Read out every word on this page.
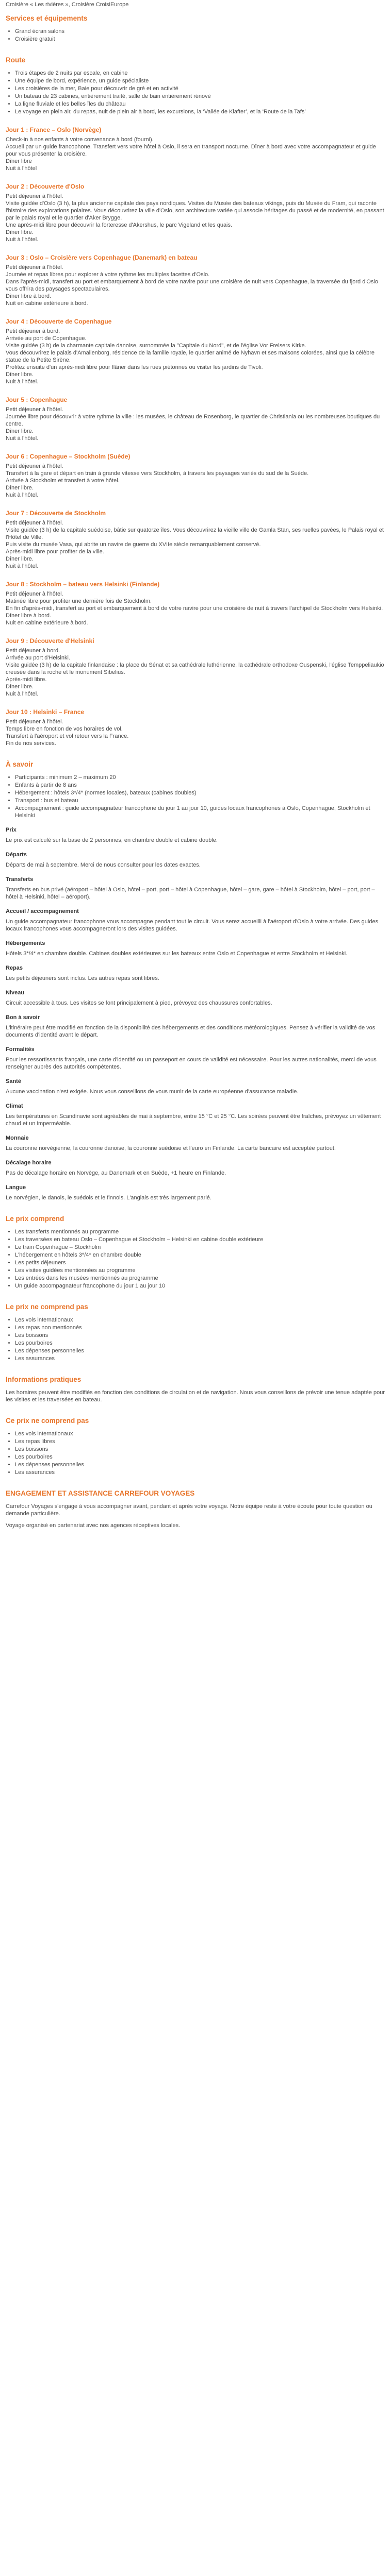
Croisière « Les rivières », Croisière CroisiEurope
Services et équipements
• Grand écran salons
• Croisière gratuit
Route
• Trois étapes de 2 nuits par escale, en cabine
• Une équipe de bord, expérience, un guide spécialiste
• Les croisières de la mer, Baie pour découvrir de gré et en activité
• Un bateau de 23 cabines, entièrement traité, salle de bain entièrement rénové
• La ligne fluviale et les belles îles du château
• Le voyage en plein air, du repas, nuit de plein air à bord, les excursions, la ‘Vallée de Klafter’, et la ‘Route de la Tafs’
Jour 1 : France – Oslo (Norvège)

Check-in à nos enfants à votre convenance à bord (fourni).
Accueil par un guide francophone. Transfert vers votre hôtel à Oslo, il sera en transport nocturne. Dîner à bord avec votre accompagnateur et guide pour vous présenter la croisière.
Dîner libre
Nuit à l'hôtel

Jour 2 : Découverte d'Oslo

Petit déjeuner à l'hôtel.
Visite guidée d'Oslo (3 h), la plus ancienne capitale des pays nordiques. Visites du Musée des bateaux vikings, puis du Musée du Fram, qui raconte l'histoire des explorations polaires. Vous découvrirez la ville d'Oslo, son architecture variée qui associe héritages du passé et de modernité, en passant par le palais royal et le quartier d'Aker Brygge.
Une après-midi libre pour découvrir la forteresse d'Akershus, le parc Vigeland et les quais.
Dîner libre.
Nuit à l'hôtel.

Jour 3 : Oslo – Croisière vers Copenhague (Danemark) en bateau

Petit déjeuner à l'hôtel.
Journée et repas libres pour explorer à votre rythme les multiples facettes d'Oslo.
Dans l'après-midi, transfert au port et embarquement à bord de votre navire pour une croisière de nuit vers Copenhague, la traversée du fjord d'Oslo vous offrira des paysages spectaculaires.
Dîner libre à bord.
Nuit en cabine extérieure à bord.

Jour 4 : Découverte de Copenhague

Petit déjeuner à bord.
Arrivée au port de Copenhague.
Visite guidée (3 h) de la charmante capitale danoise, surnommée la "Capitale du Nord", et de l'église Vor Frelsers Kirke.
Vous découvrirez le palais d'Amalienborg, résidence de la famille royale, le quartier animé de Nyhavn et ses maisons colorées, ainsi que la célèbre statue de la Petite Sirène.
Profitez ensuite d'un après-midi libre pour flâner dans les rues piétonnes ou visiter les jardins de Tivoli.
Dîner libre.
Nuit à l'hôtel.

Jour 5 : Copenhague

Petit déjeuner à l'hôtel.
Journée libre pour découvrir à votre rythme la ville : les musées, le château de Rosenborg, le quartier de Christiania ou les nombreuses boutiques du centre.
Dîner libre.
Nuit à l'hôtel.

Jour 6 : Copenhague – Stockholm (Suède)

Petit déjeuner à l'hôtel.
Transfert à la gare et départ en train à grande vitesse vers Stockholm, à travers les paysages variés du sud de la Suède.
Arrivée à Stockholm et transfert à votre hôtel.
Dîner libre.
Nuit à l'hôtel.

Jour 7 : Découverte de Stockholm

Petit déjeuner à l'hôtel.
Visite guidée (3 h) de la capitale suédoise, bâtie sur quatorze îles. Vous découvrirez la vieille ville de Gamla Stan, ses ruelles pavées, le Palais royal et l'Hôtel de Ville.
Puis visite du musée Vasa, qui abrite un navire de guerre du XVIIe siècle remarquablement conservé.
Après-midi libre pour profiter de la ville.
Dîner libre.
Nuit à l'hôtel.

Jour 8 : Stockholm – bateau vers Helsinki (Finlande)

Petit déjeuner à l'hôtel.
Matinée libre pour profiter une dernière fois de Stockholm.
En fin d'après-midi, transfert au port et embarquement à bord de votre navire pour une croisière de nuit à travers l'archipel de Stockholm vers Helsinki.
Dîner libre à bord.
Nuit en cabine extérieure à bord.

Jour 9 : Découverte d'Helsinki

Petit déjeuner à bord.
Arrivée au port d'Helsinki.
Visite guidée (3 h) de la capitale finlandaise : la place du Sénat et sa cathédrale luthérienne, la cathédrale orthodoxe Ouspenski, l'église Temppeliaukio creusée dans la roche et le monument Sibelius.
Après-midi libre.
Dîner libre.
Nuit à l'hôtel.

Jour 10 : Helsinki – France

Petit déjeuner à l'hôtel.
Temps libre en fonction de vos horaires de vol.
Transfert à l'aéroport et vol retour vers la France.
Fin de nos services.

À savoir
• Participants : minimum 2 – maximum 20
• Enfants à partir de 8 ans
• Hébergement : hôtels 3*/4* (normes locales), bateaux (cabines doubles)
• Transport : bus et bateau
• Accompagnement : guide accompagnateur francophone du jour 1 au jour 10, guides locaux francophones à Oslo, Copenhague, Stockholm et Helsinki
Prix

Le prix est calculé sur la base de 2 personnes, en chambre double et cabine double.

Départs

Départs de mai à septembre. Merci de nous consulter pour les dates exactes.

Transferts

Transferts en bus privé (aéroport – hôtel à Oslo, hôtel – port, port – hôtel à Copenhague, hôtel – gare, gare – hôtel à Stockholm, hôtel – port, port – hôtel à Helsinki, hôtel – aéroport).

Accueil / accompagnement

Un guide accompagnateur francophone vous accompagne pendant tout le circuit. Vous serez accueilli à l'aéroport d'Oslo à votre arrivée. Des guides locaux francophones vous accompagneront lors des visites guidées.

Hébergements

Hôtels 3*/4* en chambre double. Cabines doubles extérieures sur les bateaux entre Oslo et Copenhague et entre Stockholm et Helsinki.

Repas

Les petits déjeuners sont inclus. Les autres repas sont libres.

Niveau

Circuit accessible à tous. Les visites se font principalement à pied, prévoyez des chaussures confortables.

Bon à savoir

L'itinéraire peut être modifié en fonction de la disponibilité des hébergements et des conditions météorologiques. Pensez à vérifier la validité de vos documents d'identité avant le départ.

Formalités

Pour les ressortissants français, une carte d'identité ou un passeport en cours de validité est nécessaire. Pour les autres nationalités, merci de vous renseigner auprès des autorités compétentes.

Santé

Aucune vaccination n'est exigée. Nous vous conseillons de vous munir de la carte européenne d'assurance maladie.

Climat

Les températures en Scandinavie sont agréables de mai à septembre, entre 15 °C et 25 °C. Les soirées peuvent être fraîches, prévoyez un vêtement chaud et un imperméable.

Monnaie

La couronne norvégienne, la couronne danoise, la couronne suédoise et l'euro en Finlande. La carte bancaire est acceptée partout.

Décalage horaire

Pas de décalage horaire en Norvège, au Danemark et en Suède, +1 heure en Finlande.

Langue

Le norvégien, le danois, le suédois et le finnois. L'anglais est très largement parlé.

Le prix comprend
• Les transferts mentionnés au programme
• Les traversées en bateau Oslo – Copenhague et Stockholm – Helsinki en cabine double extérieure
• Le train Copenhague – Stockholm
• L'hébergement en hôtels 3*/4* en chambre double
• Les petits déjeuners
• Les visites guidées mentionnées au programme
• Les entrées dans les musées mentionnés au programme
• Un guide accompagnateur francophone du jour 1 au jour 10
Le prix ne comprend pas
• Les vols internationaux
• Les repas non mentionnés
• Les boissons
• Les pourboires
• Les dépenses personnelles
• Les assurances
Informations pratiques

Les horaires peuvent être modifiés en fonction des conditions de circulation et de navigation. Nous vous conseillons de prévoir une tenue adaptée pour les visites et les traversées en bateau.

Ce prix ne comprend pas
• Les vols internationaux
• Les repas libres
• Les boissons
• Les pourboires
• Les dépenses personnelles
• Les assurances
ENGAGEMENT ET ASSISTANCE CARREFOUR VOYAGES

Carrefour Voyages s'engage à vous accompagner avant, pendant et après votre voyage. Notre équipe reste à votre écoute pour toute question ou demande particulière.

Voyage organisé en partenariat avec nos agences réceptives locales.
